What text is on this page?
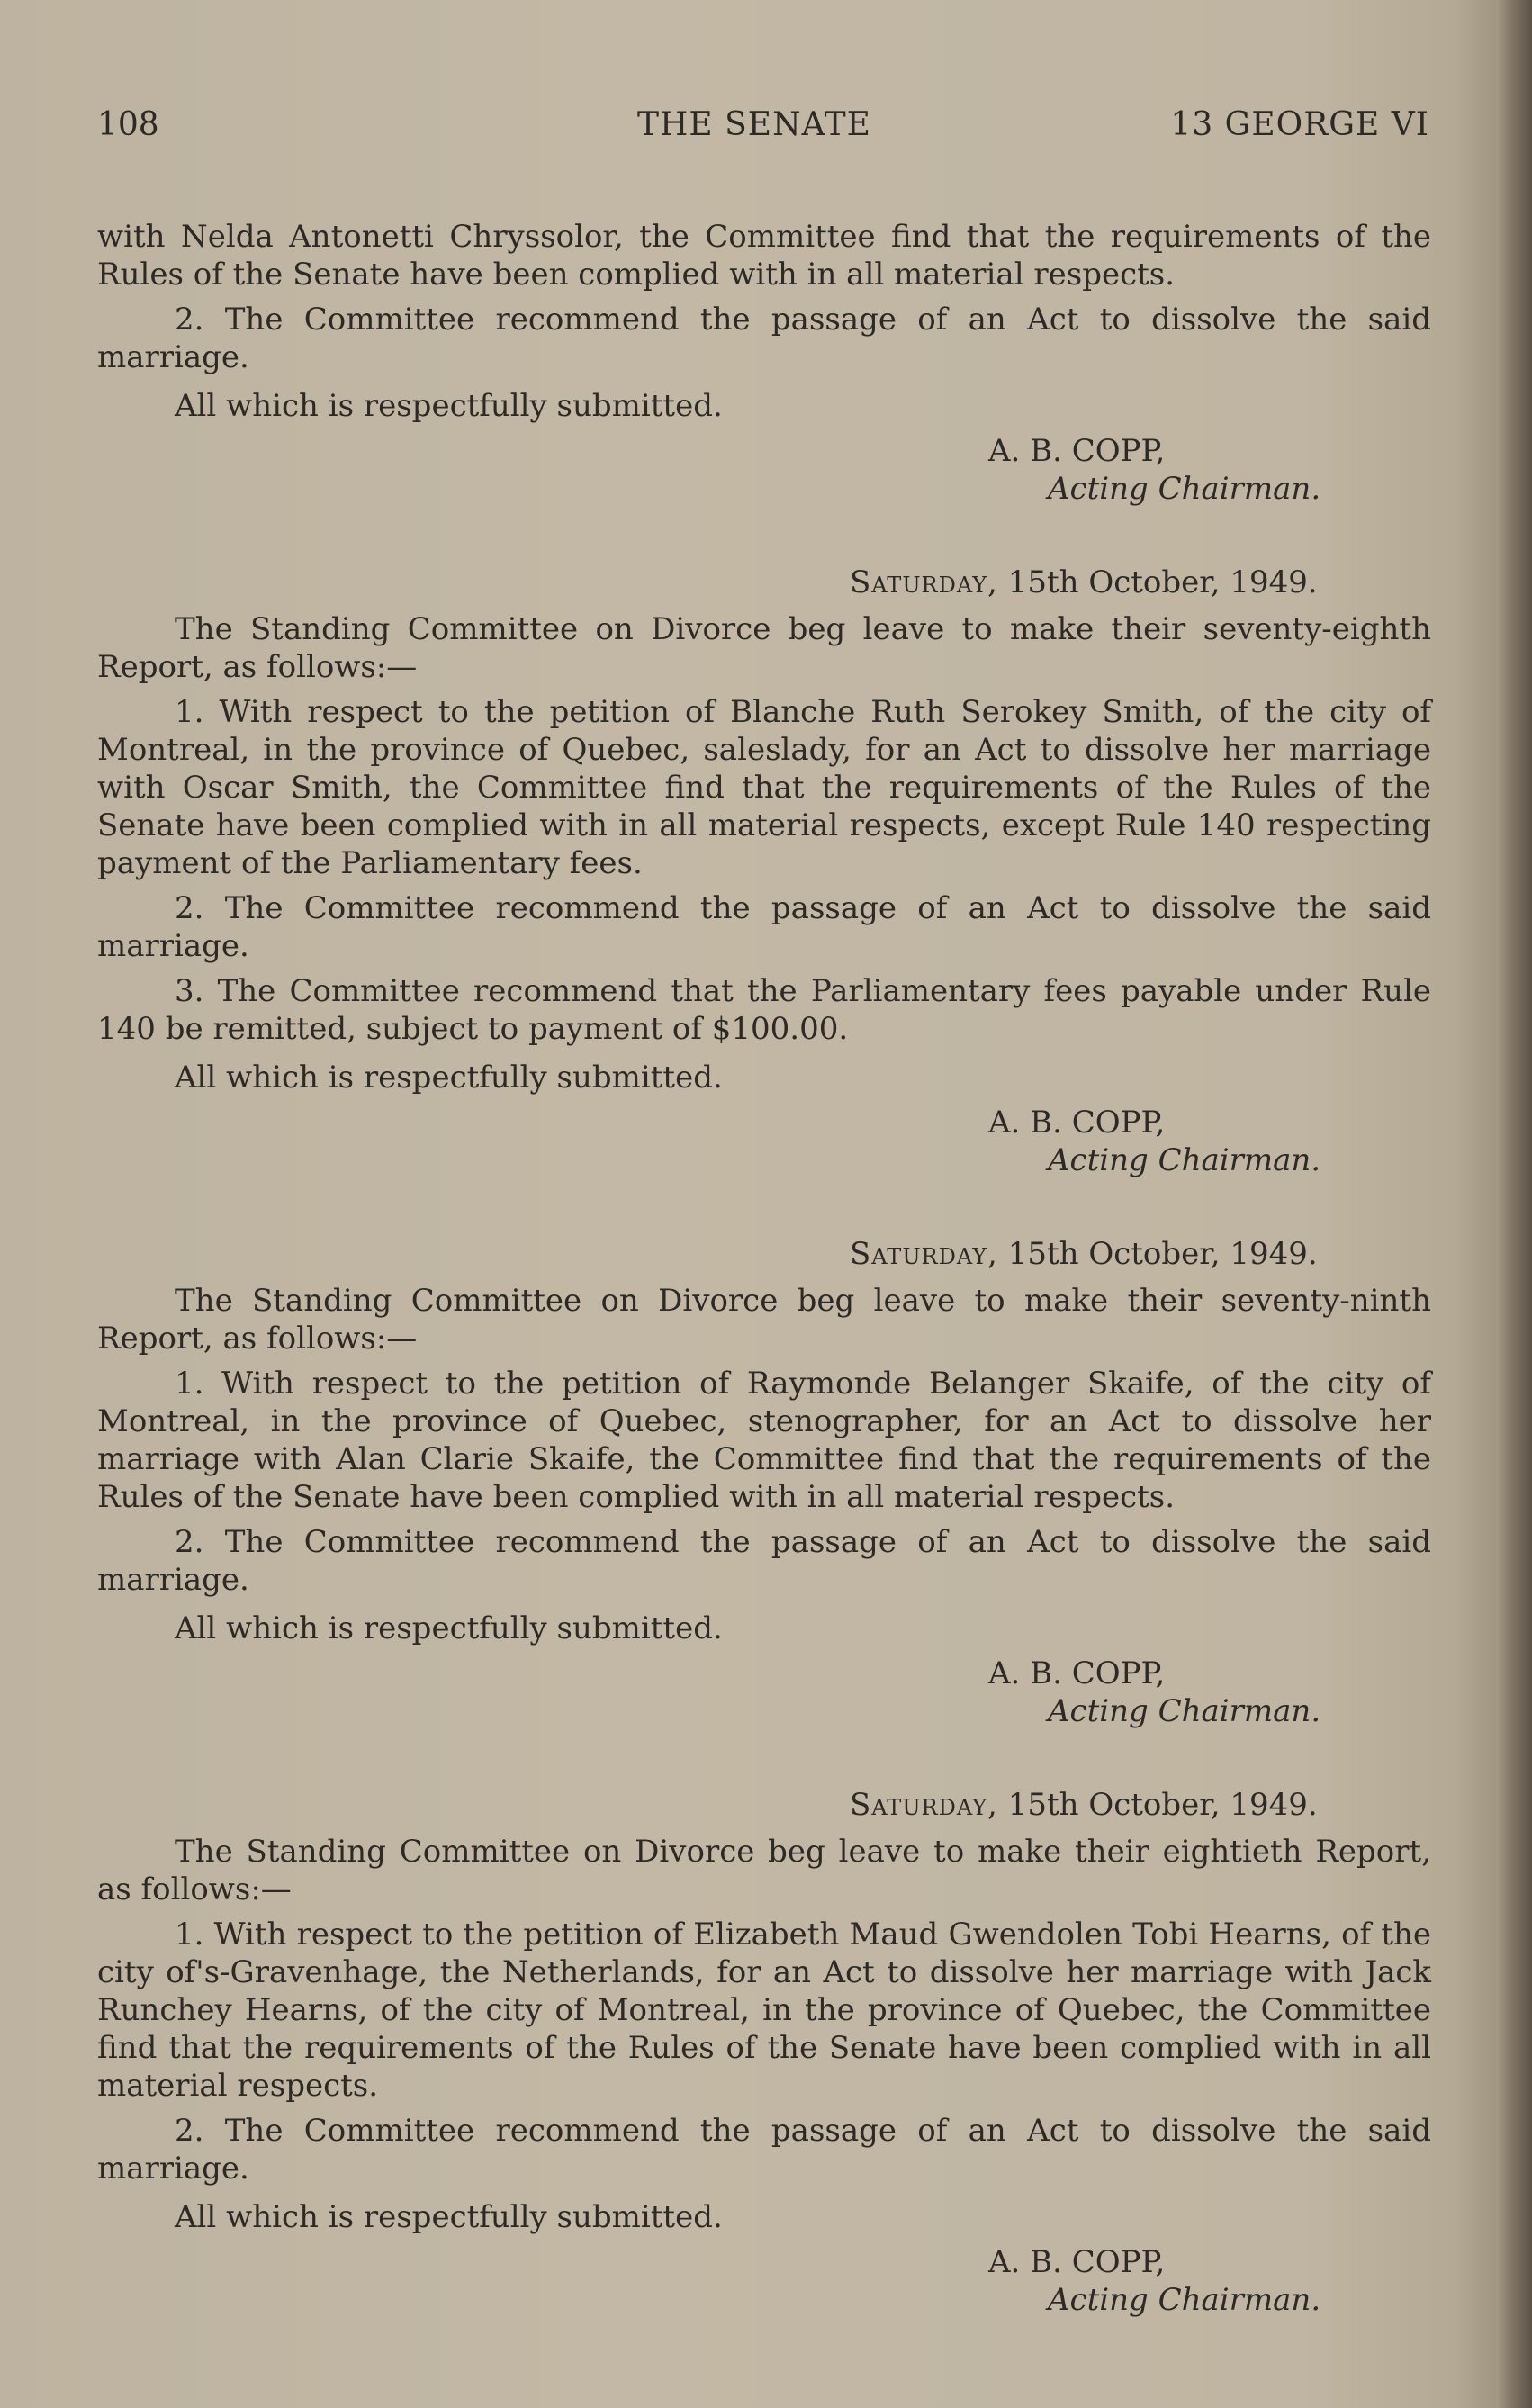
108	THE SENATE	13 GEORGE VI

with Nelda Antonetti Chryssolor, the Committee find that the requirements of the Rules of the Senate have been complied with in all material respects.

2. The Committee recommend the passage of an Act to dissolve the said marriage.

All which is respectfully submitted.

A. B. COPP,
Acting Chairman.
Saturday, 15th October, 1949.

The Standing Committee on Divorce beg leave to make their seventy-eighth Report, as follows:—

1. With respect to the petition of Blanche Ruth Serokey Smith, of the city of Montreal, in the province of Quebec, saleslady, for an Act to dissolve her marriage with Oscar Smith, the Committee find that the requirements of the Rules of the Senate have been complied with in all material respects, except Rule 140 respecting payment of the Parliamentary fees.

2. The Committee recommend the passage of an Act to dissolve the said marriage.

3. The Committee recommend that the Parliamentary fees payable under Rule 140 be remitted, subject to payment of $100.00.

All which is respectfully submitted.

A. B. COPP,
Acting Chairman.
Saturday, 15th October, 1949.

The Standing Committee on Divorce beg leave to make their seventy-ninth Report, as follows:—

1. With respect to the petition of Raymonde Belanger Skaife, of the city of Montreal, in the province of Quebec, stenographer, for an Act to dissolve her marriage with Alan Clarie Skaife, the Committee find that the requirements of the Rules of the Senate have been complied with in all material respects.

2. The Committee recommend the passage of an Act to dissolve the said marriage.

All which is respectfully submitted.

A. B. COPP,
Acting Chairman.
Saturday, 15th October, 1949.

The Standing Committee on Divorce beg leave to make their eightieth Report, as follows:—

1. With respect to the petition of Elizabeth Maud Gwendolen Tobi Hearns, of the city of's-Gravenhage, the Netherlands, for an Act to dissolve her marriage with Jack Runchey Hearns, of the city of Montreal, in the province of Quebec, the Committee find that the requirements of the Rules of the Senate have been complied with in all material respects.

2. The Committee recommend the passage of an Act to dissolve the said marriage.

All which is respectfully submitted.

A. B. COPP,
Acting Chairman.
